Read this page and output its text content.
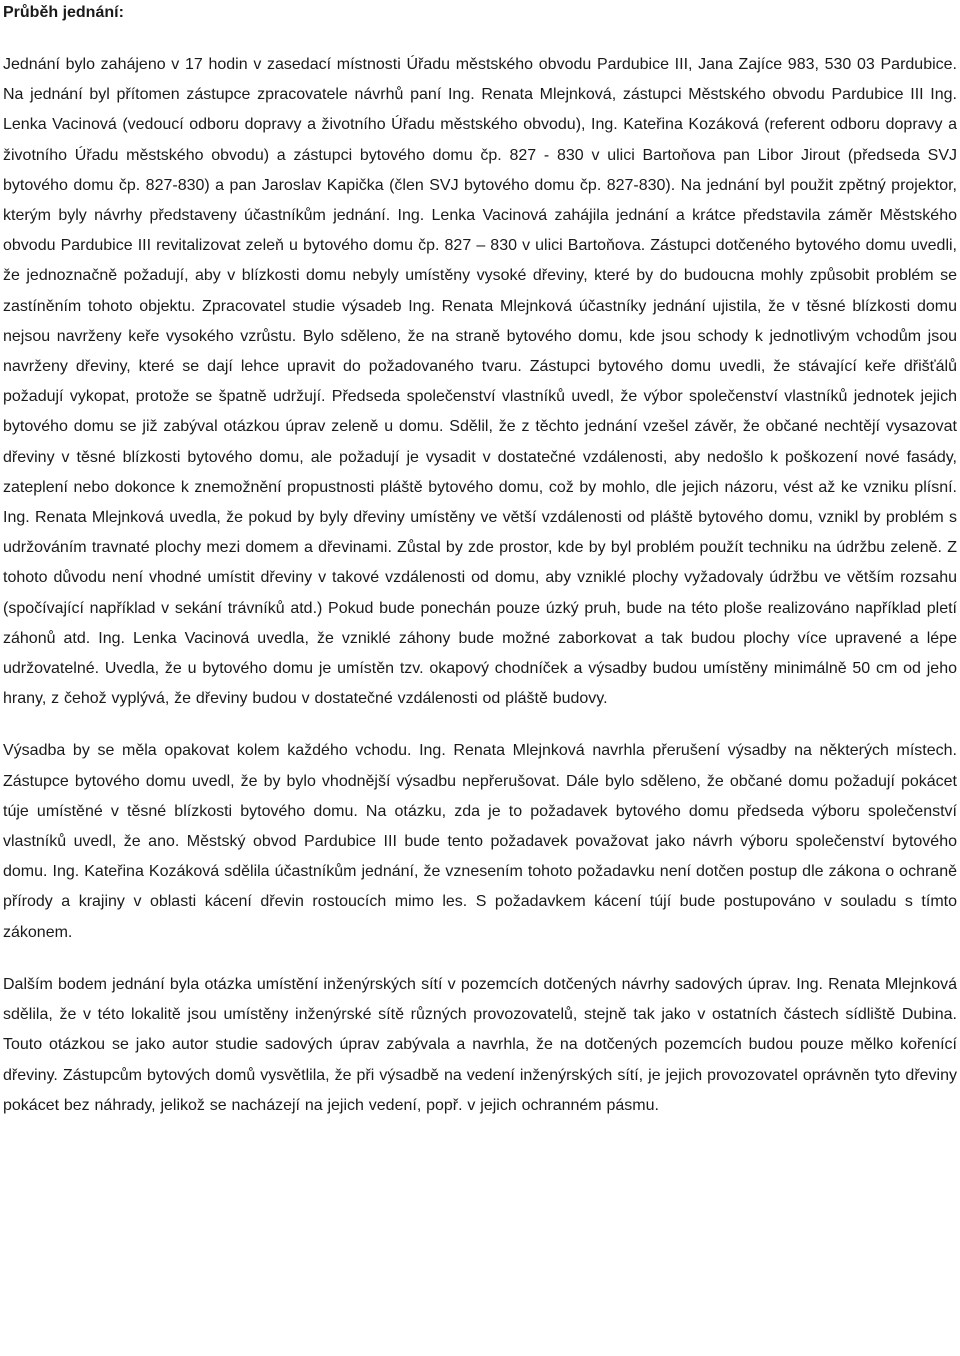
Průběh jednání:

Jednání bylo zahájeno v 17 hodin v zasedací místnosti Úřadu městského obvodu Pardubice III, Jana Zajíce 983, 530 03 Pardubice. Na jednání byl přítomen zástupce zpracovatele návrhů paní Ing. Renata Mlejnková, zástupci Městského obvodu Pardubice III Ing. Lenka Vacinová (vedoucí odboru dopravy a životního Úřadu městského obvodu), Ing. Kateřina Kozáková (referent odboru dopravy a životního Úřadu městského obvodu) a zástupci bytového domu čp. 827 - 830 v ulici Bartoňova pan Libor Jirout (předseda SVJ bytového domu čp. 827-830) a pan Jaroslav Kapička (člen SVJ bytového domu čp. 827-830). Na jednání byl použit zpětný projektor, kterým byly návrhy představeny účastníkům jednání. Ing. Lenka Vacinová zahájila jednání a krátce představila záměr Městského obvodu Pardubice III revitalizovat zeleň u bytového domu čp. 827 – 830 v ulici Bartoňova. Zástupci dotčeného bytového domu uvedli, že jednoznačně požadují, aby v blízkosti domu nebyly umístěny vysoké dřeviny, které by do budoucna mohly způsobit problém se zastíněním tohoto objektu. Zpracovatel studie výsadeb Ing. Renata Mlejnková účastníky jednání ujistila, že v těsné blízkosti domu nejsou navrženy keře vysokého vzrůstu. Bylo sděleno, že na straně bytového domu, kde jsou schody k jednotlivým vchodům jsou navrženy dřeviny, které se dají lehce upravit do požadovaného tvaru. Zástupci bytového domu uvedli, že stávající keře dřišťálů požadují vykopat, protože se špatně udržují. Předseda společenství vlastníků uvedl, že výbor společenství vlastníků jednotek jejich bytového domu se již zabýval otázkou úprav zeleně u domu. Sdělil, že z těchto jednání vzešel závěr, že občané nechtějí vysazovat dřeviny v těsné blízkosti bytového domu, ale požadují je vysadit v dostatečné vzdálenosti, aby nedošlo k poškození nové fasády, zateplení nebo dokonce k znemožnění propustnosti pláště bytového domu, což by mohlo, dle jejich názoru, vést až ke vzniku plísní. Ing. Renata Mlejnková uvedla, že pokud by byly dřeviny umístěny ve větší vzdálenosti od pláště bytového domu, vznikl by problém s udržováním travnaté plochy mezi domem a dřevinami. Zůstal by zde prostor, kde by byl problém použít techniku na údržbu zeleně. Z tohoto důvodu není vhodné umístit dřeviny v takové vzdálenosti od domu, aby vzniklé plochy vyžadovaly údržbu ve větším rozsahu (spočívající například v sekání trávníků atd.) Pokud bude ponechán pouze úzký pruh, bude na této ploše realizováno například pletí záhonů atd. Ing. Lenka Vacinová uvedla, že vzniklé záhony bude možné zaborkovat a tak budou plochy více upravené a lépe udržovatelné. Uvedla, že u bytového domu je umístěn tzv. okapový chodníček a výsadby budou umístěny minimálně 50 cm od jeho hrany, z čehož vyplývá, že dřeviny budou v dostatečné vzdálenosti od pláště budovy.

Výsadba by se měla opakovat kolem každého vchodu. Ing. Renata Mlejnková navrhla přerušení výsadby na některých místech. Zástupce bytového domu uvedl, že by bylo vhodnější výsadbu nepřerušovat. Dále bylo sděleno, že občané domu požadují pokácet túje umístěné v těsné blízkosti bytového domu. Na otázku, zda je to požadavek bytového domu předseda výboru společenství vlastníků uvedl, že ano. Městský obvod Pardubice III bude tento požadavek považovat jako návrh výboru společenství bytového domu. Ing. Kateřina Kozáková sdělila účastníkům jednání, že vznesením tohoto požadavku není dotčen postup dle zákona o ochraně přírody a krajiny v oblasti kácení dřevin rostoucích mimo les. S požadavkem kácení tújí bude postupováno v souladu s tímto zákonem.

Dalším bodem jednání byla otázka umístění inženýrských sítí v pozemcích dotčených návrhy sadových úprav. Ing. Renata Mlejnková sdělila, že v této lokalitě jsou umístěny inženýrské sítě různých provozovatelů, stejně tak jako v ostatních částech sídliště Dubina. Touto otázkou se jako autor studie sadových úprav zabývala a navrhla, že na dotčených pozemcích budou pouze mělko kořenící dřeviny. Zástupcům bytových domů vysvětlila, že při výsadbě na vedení inženýrských sítí, je jejich provozovatel oprávněn tyto dřeviny pokácet bez náhrady, jelikož se nacházejí na jejich vedení, popř. v jejich ochranném pásmu.
